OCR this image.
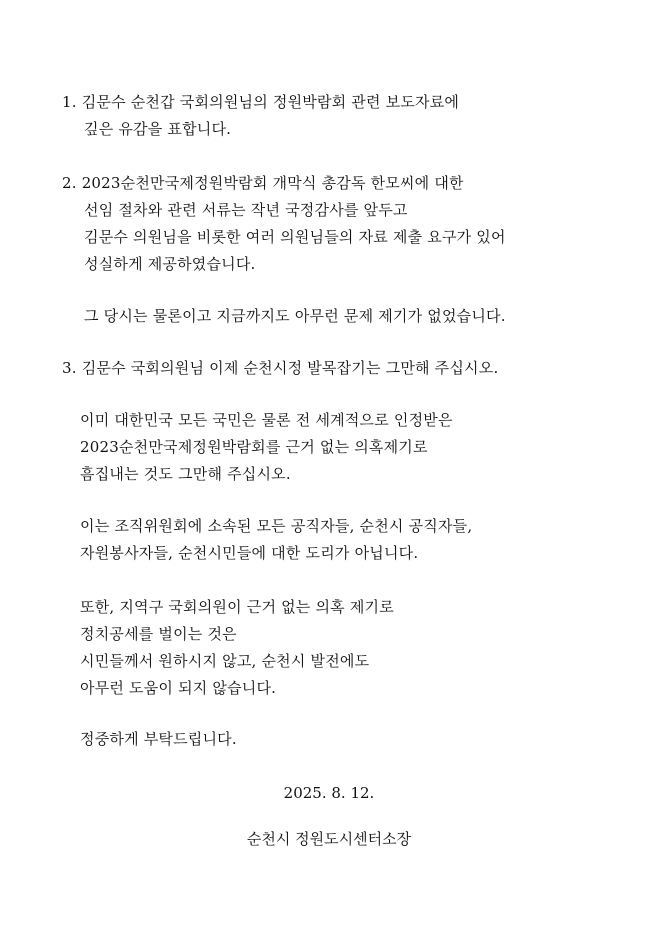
1. 김문수 순천갑 국회의원님의 정원박람회 관련 보도자료에
깊은 유감을 표합니다.
2. 2023순천만국제정원박람회 개막식 총감독 한모씨에 대한
선임 절차와 관련 서류는 작년 국정감사를 앞두고
김문수 의원님을 비롯한 여러 의원님들의 자료 제출 요구가 있어
성실하게 제공하였습니다.
그 당시는 물론이고 지금까지도 아무런 문제 제기가 없었습니다.
3. 김문수 국회의원님 이제 순천시정 발목잡기는 그만해 주십시오.
이미 대한민국 모든 국민은 물론 전 세계적으로 인정받은
2023순천만국제정원박람회를 근거 없는 의혹제기로
흠집내는 것도 그만해 주십시오.
이는 조직위원회에 소속된 모든 공직자들, 순천시 공직자들,
자원봉사자들, 순천시민들에 대한 도리가 아닙니다.
또한, 지역구 국회의원이 근거 없는 의혹 제기로
정치공세를 벌이는 것은
시민들께서 원하시지 않고, 순천시 발전에도
아무런 도움이 되지 않습니다.
정중하게 부탁드립니다.
2025. 8. 12.
순천시 정원도시센터소장
